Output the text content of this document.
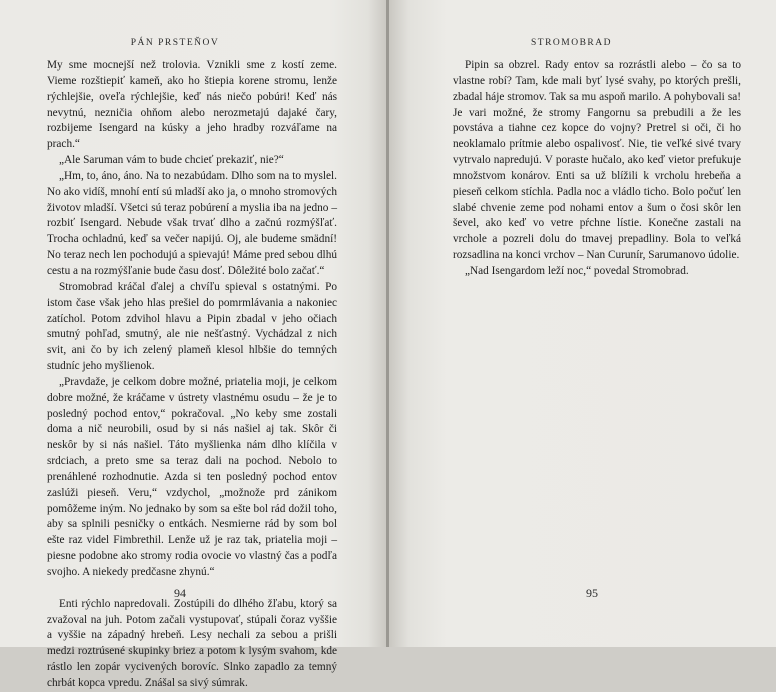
PÁN PRSTEŇOV

My sme mocnejší než trolovia. Vznikli sme z kostí zeme. Vieme rozštiepiť kameň, ako ho štiepia korene stromu, lenže rýchlejšie, oveľa rýchlejšie, keď nás niečo pobúri! Keď nás nevytnú, nezničia ohňom alebo nerozmetajú dajaké čary, rozbijeme Isengard na kúsky a jeho hradby rozváľame na prach.“

„Ale Saruman vám to bude chcieť prekaziť, nie?“

„Hm, to, áno, áno. Na to nezabúdam. Dlho som na to myslel. No ako vidíš, mnohí entí sú mladší ako ja, o mnoho stromových životov mladší. Všetci sú teraz pobúrení a myslia iba na jedno – rozbiť Isengard. Nebude však trvať dlho a začnú rozmýšľať. Trocha ochladnú, keď sa večer napijú. Oj, ale budeme smädní! No teraz nech len pochodujú a spievajú! Máme pred sebou dlhú cestu a na rozmýšľanie bude času dosť. Dôležité bolo začať.“

Stromobrad kráčal ďalej a chvíľu spieval s ostatnými. Po istom čase však jeho hlas prešiel do pomrmlávania a nakoniec zatíchol. Potom zdvihol hlavu a Pipin zbadal v jeho očiach smutný pohľad, smutný, ale nie nešťastný. Vychádzal z nich svit, ani čo by ich zelený plameň klesol hlbšie do temných studníc jeho myšlienok.

„Pravdaže, je celkom dobre možné, priatelia moji, je celkom dobre možné, že kráčame v ústrety vlastnému osudu – že je to posledný pochod entov,“ pokračoval. „No keby sme zostali doma a nič neurobili, osud by si nás našiel aj tak. Skôr či neskôr by si nás našiel. Táto myšlienka nám dlho klíčila v srdciach, a preto sme sa teraz dali na pochod. Nebolo to prenáhlené rozhodnutie. Azda si ten posledný pochod entov zaslúži pieseň. Veru,“ vzdychol, „možnože prd zánikom pomôžeme iným. No jednako by som sa ešte bol rád dožil toho, aby sa splnili pesničky o entkách. Nesmierne rád by som bol ešte raz videl Fimbrethil. Lenže už je raz tak, priatelia moji – piesne podobne ako stromy rodia ovocie vo vlastný čas a podľa svojho. A niekedy predčasne zhynú.“

Enti rýchlo napredovali. Zostúpili do dlhého žľabu, ktorý sa zvažoval na juh. Potom začali vystupovať, stúpali čoraz vyššie a vyššie na západný hrebeň. Lesy nechali za sebou a prišli medzi roztrúsené skupinky briez a potom k lysým svahom, kde rástlo len zopár vycivených borovíc. Slnko zapadlo za temný chrbát kopca vpredu. Znášal sa sivý súmrak.

94
STROMOBRAD

Pipin sa obzrel. Rady entov sa rozrástli alebo – čo sa to vlastne robí? Tam, kde mali byť lysé svahy, po ktorých prešli, zbadal háje stromov. Tak sa mu aspoň marilo. A pohybovali sa! Je vari možné, že stromy Fangornu sa prebudili a že les povstáva a tiahne cez kopce do vojny? Pretrel si oči, či ho neoklamalo prítmie alebo ospalivosť. Nie, tie veľké sivé tvary vytrvalo napredujú. V poraste hučalo, ako keď vietor prefukuje množstvom konárov. Enti sa už blížili k vrcholu hrebeňa a pieseň celkom stíchla. Padla noc a vládlo ticho. Bolo počuť len slabé chvenie zeme pod nohami entov a šum o čosi skôr len ševel, ako keď vo vetre pŕchne lístie. Konečne zastali na vrchole a pozreli dolu do tmavej prepadliny. Bola to veľká rozsadlina na konci vrchov – Nan Curunír, Sarumanovo údolie.

„Nad Isengardom leží noc,“ povedal Stromobrad.

95
